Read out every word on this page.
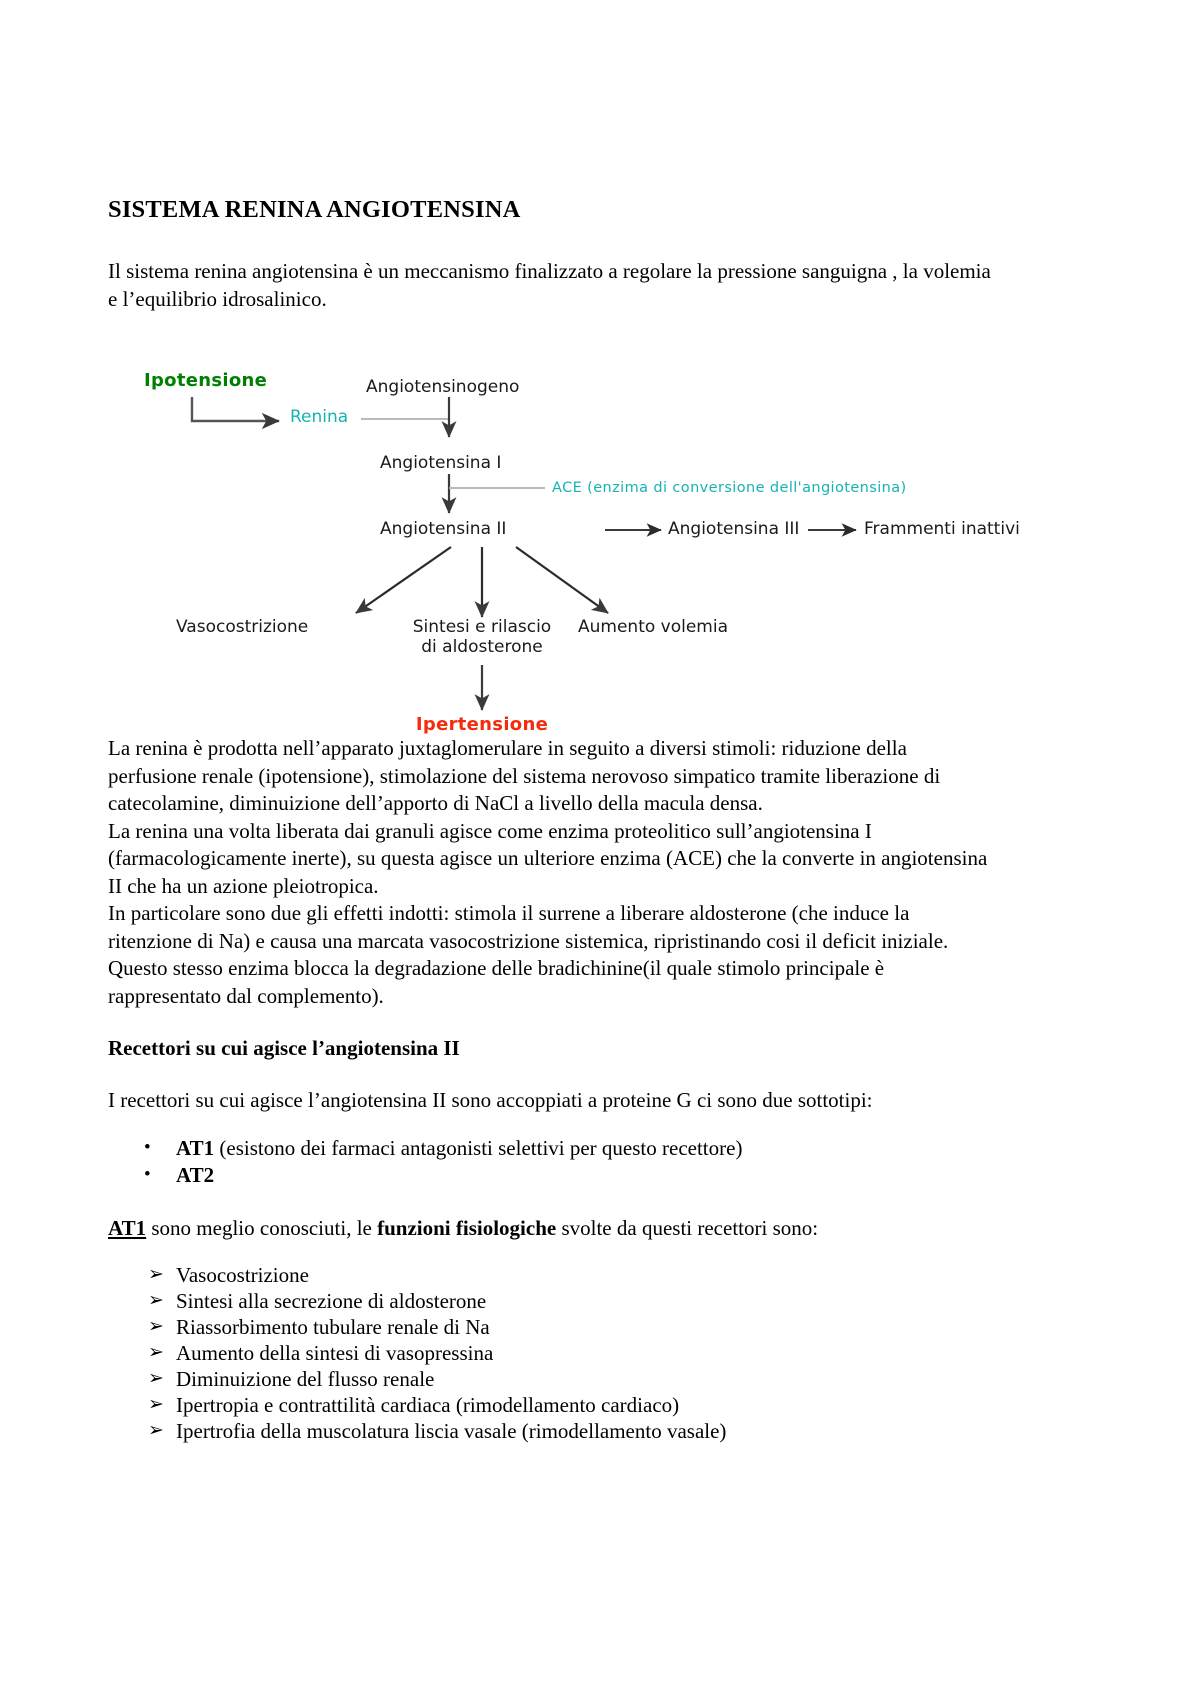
SISTEMA RENINA ANGIOTENSINA

Il sistema renina angiotensina è un meccanismo finalizzato a regolare la pressione sanguigna , la volemia e l’equilibrio idrosalinico.

Ipotensione
Renina
Angiotensinogeno
Angiotensina I
ACE (enzima di conversione dell'angiotensina)
Angiotensina II	Angiotensina III	Frammenti inattivi
Vasocostrizione	Sintesi e rilascio
di aldosterone
Aumento volemia
Ipertensione

La renina è prodotta nell’apparato juxtaglomerulare in seguito a diversi stimoli: riduzione della perfusione renale (ipotensione), stimolazione del sistema nerovoso simpatico tramite liberazione di catecolamine, diminuizione dell’apporto di NaCl a livello della macula densa.

La renina una volta liberata dai granuli agisce come enzima proteolitico sull’angiotensina I (farmacologicamente inerte), su questa agisce un ulteriore enzima (ACE) che la converte in angiotensina II che ha un azione pleiotropica.

In particolare sono due gli effetti indotti: stimola il surrene a liberare aldosterone (che induce la ritenzione di Na) e causa una marcata vasocostrizione sistemica, ripristinando cosi il deficit iniziale. Questo stesso enzima blocca la degradazione delle bradichinine(il quale stimolo principale è rappresentato dal complemento).

Recettori su cui agisce l’angiotensina II

I recettori su cui agisce l’angiotensina II sono accoppiati a proteine G ci sono due sottotipi:

• AT1 (esistono dei farmaci antagonisti selettivi per questo recettore)
• AT2

AT1 sono meglio conosciuti, le funzioni fisiologiche svolte da questi recettori sono:

➢ Vasocostrizione
➢ Sintesi alla secrezione di aldosterone
➢ Riassorbimento tubulare renale di Na
➢ Aumento della sintesi di vasopressina
➢ Diminuizione del flusso renale
➢ Ipertropia e contrattilità cardiaca (rimodellamento cardiaco)
➢ Ipertrofia della muscolatura liscia vasale (rimodellamento vasale)
